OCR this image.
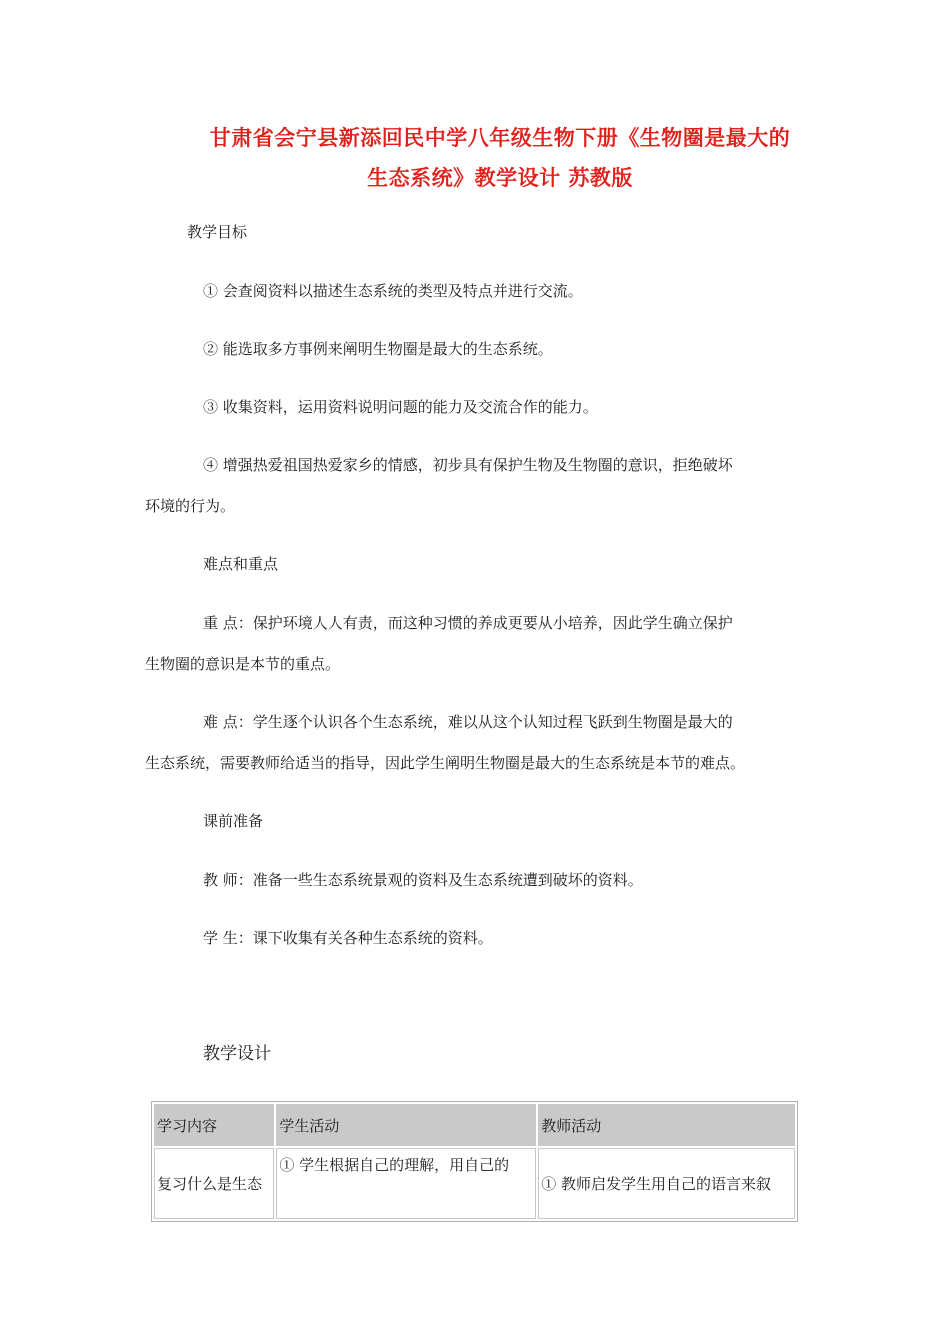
甘肃省会宁县新添回民中学八年级生物下册《生物圈是最大的
生态系统》教学设计 苏教版
教学目标
① 会查阅资料以描述生态系统的类型及特点并进行交流。
② 能选取多方事例来阐明生物圈是最大的生态系统。
③ 收集资料，运用资料说明问题的能力及交流合作的能力。
④ 增强热爱祖国热爱家乡的情感，初步具有保护生物及生物圈的意识，拒绝破坏
环境的行为。
难点和重点
重 点：保护环境人人有责，而这种习惯的养成更要从小培养，因此学生确立保护
生物圈的意识是本节的重点。
难 点：学生逐个认识各个生态系统，难以从这个认知过程飞跃到生物圈是最大的
生态系统，需要教师给适当的指导，因此学生阐明生物圈是最大的生态系统是本节的难点。
课前准备
教 师：准备一些生态系统景观的资料及生态系统遭到破坏的资料。
学 生：课下收集有关各种生态系统的资料。
教学设计
学习内容	学生活动	教师活动
复习什么是生态	① 学生根据自己的理解，用自己的	① 教师启发学生用自己的语言来叙
